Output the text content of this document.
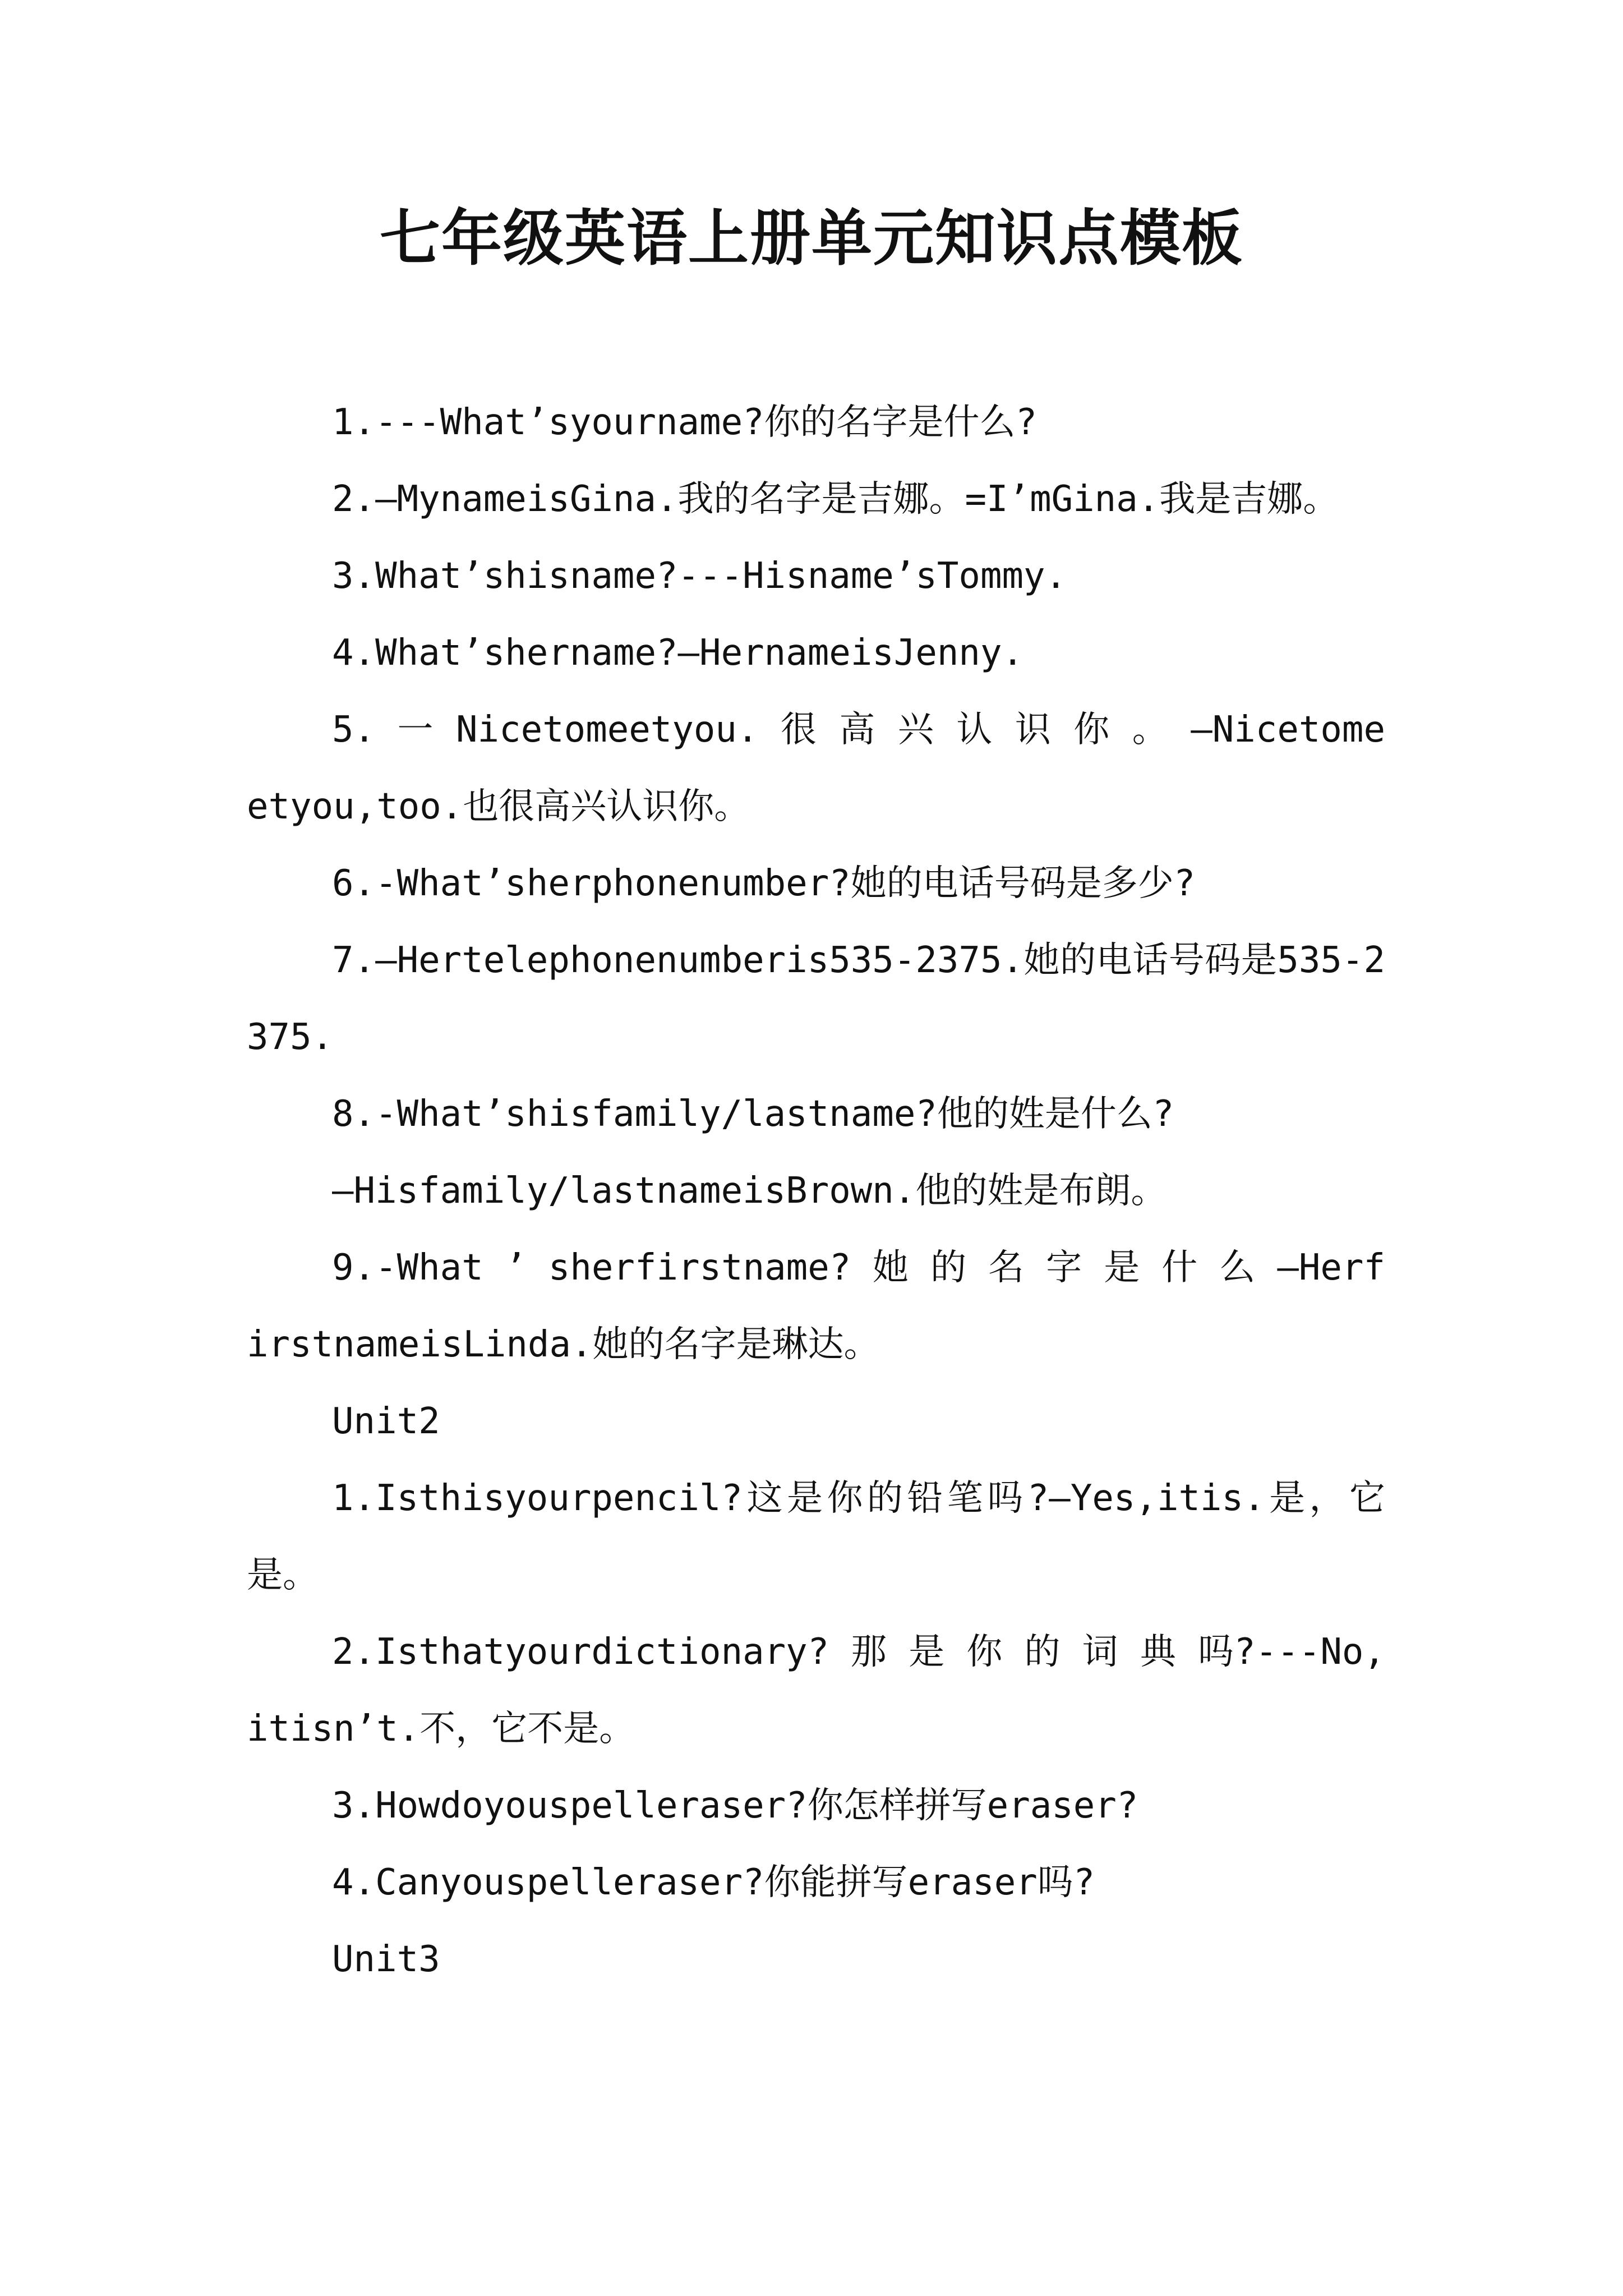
七年级英语上册单元知识点模板

1.---What’syourname?你的名字是什么?

2.—MynameisGina.我的名字是吉娜。=I’mGina.我是吉娜。

3.What’shisname?---Hisname’sTommy.

4.What’shername?—HernameisJenny.

5. 一 Nicetomeetyou. 很 高 兴 认 识 你 。 —Nicetomeetyou,too.也很高兴认识你。

6.-What’sherphonenumber?她的电话号码是多少?

7.—Hertelephonenumberis535-2375.她的电话号码是535-2375.

8.-What’shisfamily/lastname?他的姓是什么?

—Hisfamily/lastnameisBrown.他的姓是布朗。

9.-What ’ sherfirstname? 她 的 名 字 是 什 么 —HerfirstnameisLinda.她的名字是琳达。

Unit2

1.Isthisyourpencil?这是你的铅笔吗?—Yes,itis.是，它是。

2.Isthatyourdictionary? 那 是 你 的 词 典 吗?---No,itisn’t.不，它不是。

3.Howdoyouspelleraser?你怎样拼写eraser?

4.Canyouspelleraser?你能拼写eraser吗?

Unit3
